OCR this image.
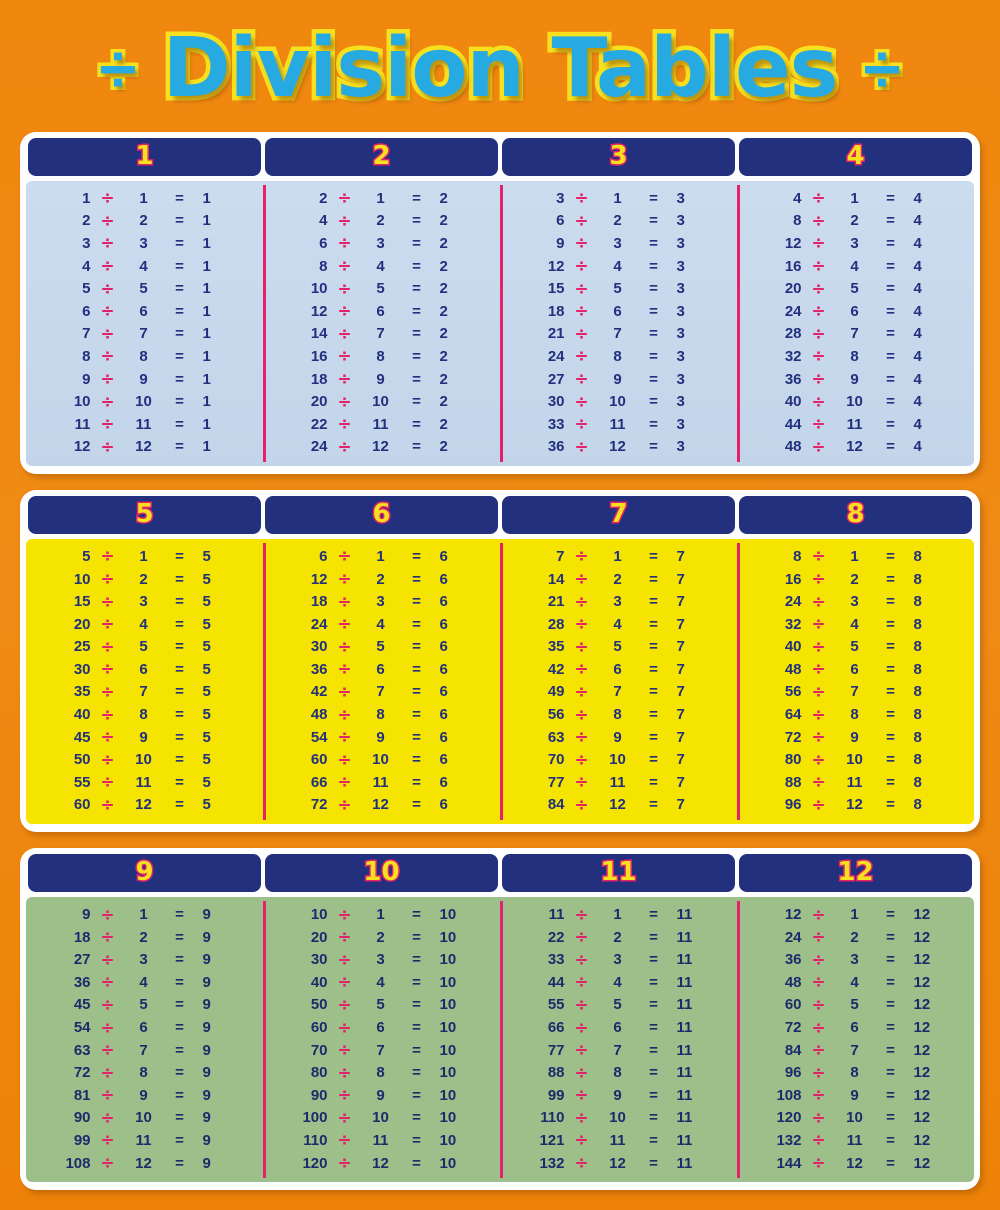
÷ Division Tables ÷
1	2	3	4
1 ÷	1	=	1
2 ÷	2	=	1
3 ÷	3	=	1
4 ÷	4	=	1
5 ÷	5	=	1
6 ÷	6	=	1
7 ÷	7	=	1
8 ÷	8	=	1
9 ÷	9	=	1
10 ÷	10	=	1
11 ÷	11	=	1
12 ÷	12	=	1
2 ÷	1	=	2
4 ÷	2	=	2
6 ÷	3	=	2
8 ÷	4	=	2
10 ÷	5	=	2
12 ÷	6	=	2
14 ÷	7	=	2
16 ÷	8	=	2
18 ÷	9	=	2
20 ÷	10	=	2
22 ÷	11	=	2
24 ÷	12	=	2
3 ÷	1	=	3
6 ÷	2	=	3
9 ÷	3	=	3
12 ÷	4	=	3
15 ÷	5	=	3
18 ÷	6	=	3
21 ÷	7	=	3
24 ÷	8	=	3
27 ÷	9	=	3
30 ÷	10	=	3
33 ÷	11	=	3
36 ÷	12	=	3
4 ÷	1	=	4
8 ÷	2	=	4
12 ÷	3	=	4
16 ÷	4	=	4
20 ÷	5	=	4
24 ÷	6	=	4
28 ÷	7	=	4
32 ÷	8	=	4
36 ÷	9	=	4
40 ÷	10	=	4
44 ÷	11	=	4
48 ÷	12	=	4
5	6	7	8
5 ÷	1	=	5
10 ÷	2	=	5
15 ÷	3	=	5
20 ÷	4	=	5
25 ÷	5	=	5
30 ÷	6	=	5
35 ÷	7	=	5
40 ÷	8	=	5
45 ÷	9	=	5
50 ÷	10	=	5
55 ÷	11	=	5
60 ÷	12	=	5
6 ÷	1	=	6
12 ÷	2	=	6
18 ÷	3	=	6
24 ÷	4	=	6
30 ÷	5	=	6
36 ÷	6	=	6
42 ÷	7	=	6
48 ÷	8	=	6
54 ÷	9	=	6
60 ÷	10	=	6
66 ÷	11	=	6
72 ÷	12	=	6
7 ÷	1	=	7
14 ÷	2	=	7
21 ÷	3	=	7
28 ÷	4	=	7
35 ÷	5	=	7
42 ÷	6	=	7
49 ÷	7	=	7
56 ÷	8	=	7
63 ÷	9	=	7
70 ÷	10	=	7
77 ÷	11	=	7
84 ÷	12	=	7
8 ÷	1	=	8
16 ÷	2	=	8
24 ÷	3	=	8
32 ÷	4	=	8
40 ÷	5	=	8
48 ÷	6	=	8
56 ÷	7	=	8
64 ÷	8	=	8
72 ÷	9	=	8
80 ÷	10	=	8
88 ÷	11	=	8
96 ÷	12	=	8
9	10	11	12
9 ÷	1	=	9
18 ÷	2	=	9
27 ÷	3	=	9
36 ÷	4	=	9
45 ÷	5	=	9
54 ÷	6	=	9
63 ÷	7	=	9
72 ÷	8	=	9
81 ÷	9	=	9
90 ÷	10	=	9
99 ÷	11	=	9
108 ÷	12	=	9
10 ÷	1	=	10
20 ÷	2	=	10
30 ÷	3	=	10
40 ÷	4	=	10
50 ÷	5	=	10
60 ÷	6	=	10
70 ÷	7	=	10
80 ÷	8	=	10
90 ÷	9	=	10
100 ÷	10	=	10
110 ÷	11	=	10
120 ÷	12	=	10
11 ÷	1	=	11
22 ÷	2	=	11
33 ÷	3	=	11
44 ÷	4	=	11
55 ÷	5	=	11
66 ÷	6	=	11
77 ÷	7	=	11
88 ÷	8	=	11
99 ÷	9	=	11
110 ÷	10	=	11
121 ÷	11	=	11
132 ÷	12	=	11
12 ÷	1	=	12
24 ÷	2	=	12
36 ÷	3	=	12
48 ÷	4	=	12
60 ÷	5	=	12
72 ÷	6	=	12
84 ÷	7	=	12
96 ÷	8	=	12
108 ÷	9	=	12
120 ÷	10	=	12
132 ÷	11	=	12
144 ÷	12	=	12
